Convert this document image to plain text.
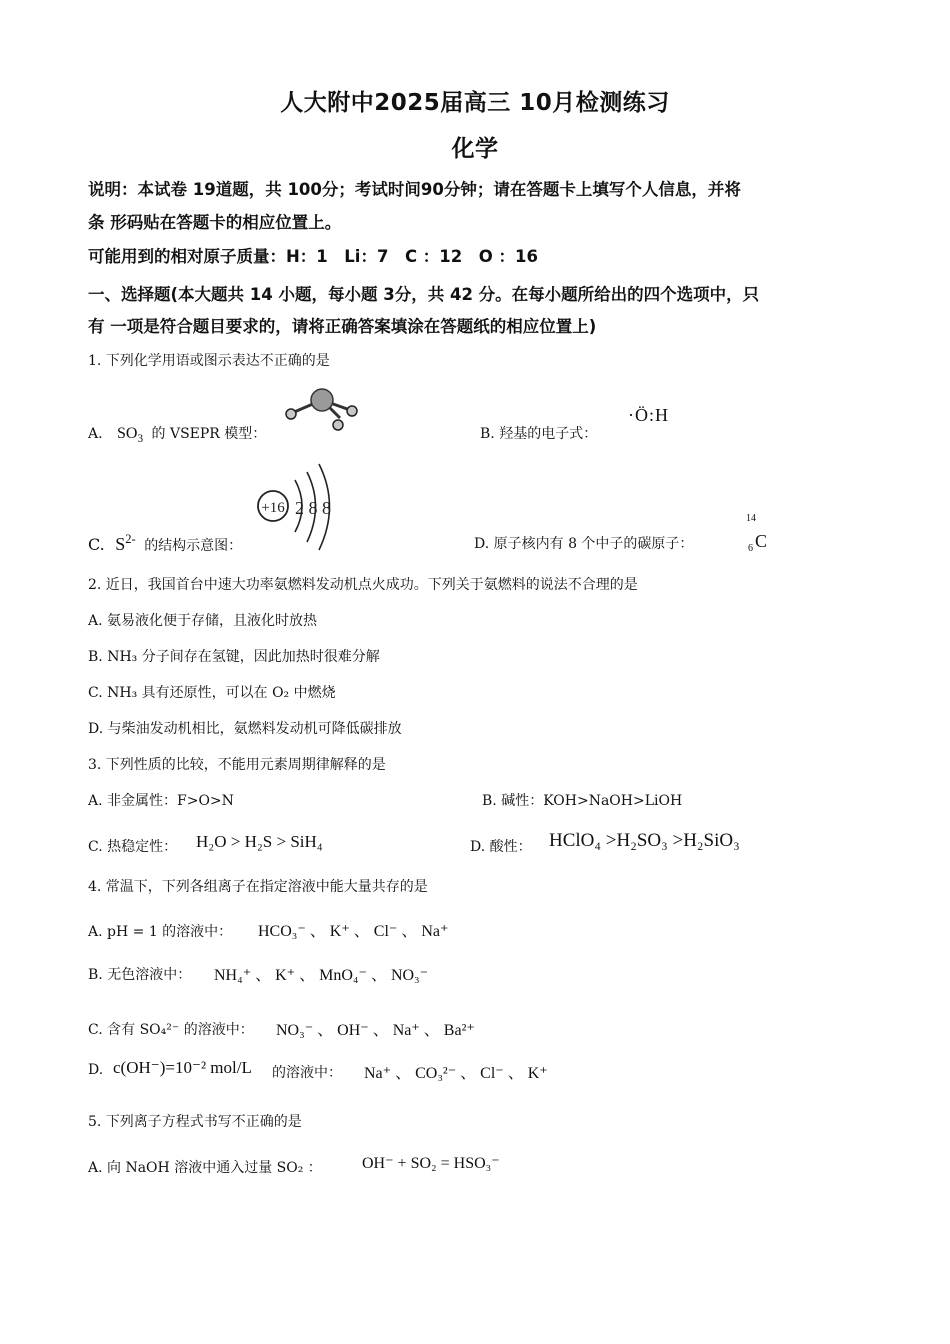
人大附中2025届高三 10月检测练习
化学
说明：本试卷 19道题，共 100分；考试时间90分钟；请在答题卡上填写个人信息，并将
条 形码贴在答题卡的相应位置上。
可能用到的相对原子质量：H：1　Li：7　C ：12　O ：16
一、选择题(本大题共 14 小题，每小题 3分，共 42 分。在每小题所给出的四个选项中，只
有 一项是符合题目要求的，请将正确答案填涂在答题纸的相应位置上)
1. 下列化学用语或图示表达不正确的是
A. $SO_3$ 的 VSEPR 模型：	B. 羟基的电子式：
·Ö:H
C. $S^{2-}$ 的结构示意图：
+16 2 8 8
D. 原子核内有 8 个中子的碳原子：
14
6 C
2. 近日，我国首台中速大功率氨燃料发动机点火成功。下列关于氨燃料的说法不合理的是
A. 氨易液化便于存储，且液化时放热
B. NH₃ 分子间存在氢键，因此加热时很难分解
C. NH₃ 具有还原性，可以在 O₂ 中燃烧
D. 与柴油发动机相比，氨燃料发动机可降低碳排放
3. 下列性质的比较，不能用元素周期律解释的是
A. 非金属性：F>O>N	B. 碱性：KOH>NaOH>LiOH
C. 热稳定性： H₂O > H₂S > SiH₄	D. 酸性： HClO₄ >H₂SO₃ >H₂SiO₃
4. 常温下，下列各组离子在指定溶液中能大量共存的是
A. pH = 1 的溶液中： HCO₃⁻ 、 K⁺ 、 Cl⁻ 、 Na⁺
B. 无色溶液中： NH₄⁺ 、 K⁺ 、 MnO₄⁻ 、 NO₃⁻
C. 含有 SO₄²⁻ 的溶液中： NO₃⁻ 、 OH⁻ 、 Na⁺ 、 Ba²⁺
D. c(OH⁻)=10⁻² mol/L 的溶液中： Na⁺ 、 CO₃²⁻ 、 Cl⁻ 、 K⁺
5. 下列离子方程式书写不正确的是
A. 向 NaOH 溶液中通入过量 SO₂ ：	OH⁻ + SO₂ = HSO₃⁻
